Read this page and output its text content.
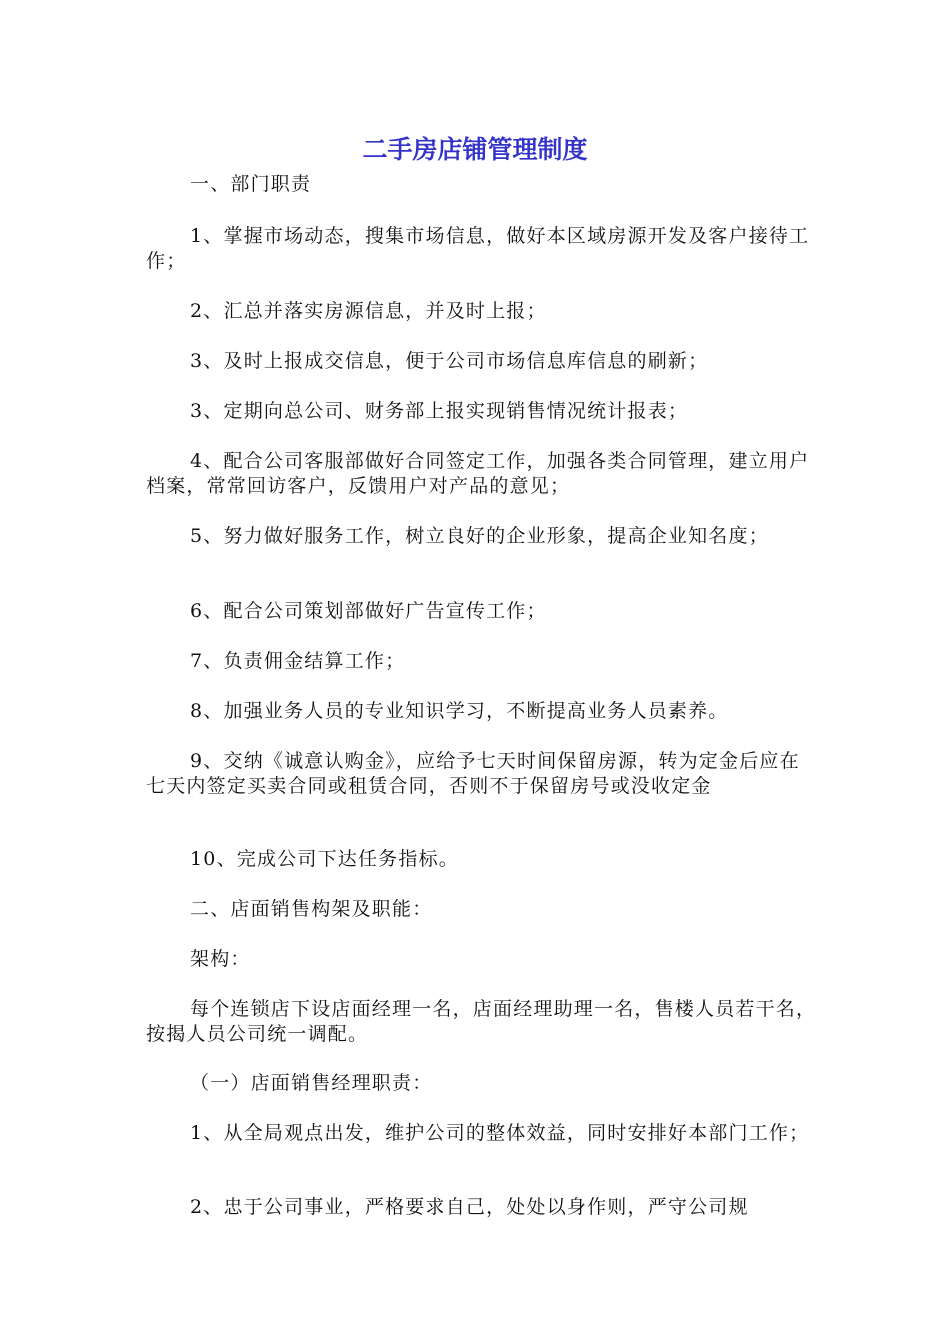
二手房店铺管理制度

一、部门职责

1、掌握市场动态，搜集市场信息，做好本区域房源开发及客户接待工作；

2、汇总并落实房源信息，并及时上报；

3、及时上报成交信息，便于公司市场信息库信息的刷新；

3、定期向总公司、财务部上报实现销售情况统计报表；

4、配合公司客服部做好合同签定工作，加强各类合同管理，建立用户档案，常常回访客户，反馈用户对产品的意见；

5、努力做好服务工作，树立良好的企业形象，提高企业知名度；

6、配合公司策划部做好广告宣传工作；

7、负责佣金结算工作；

8、加强业务人员的专业知识学习，不断提高业务人员素养。

9、交纳《诚意认购金》，应给予七天时间保留房源，转为定金后应在七天内签定买卖合同或租赁合同，否则不于保留房号或没收定金

10、完成公司下达任务指标。

二、店面销售构架及职能：

架构：

每个连锁店下设店面经理一名，店面经理助理一名，售楼人员若干名，按揭人员公司统一调配。

（一）店面销售经理职责：

1、从全局观点出发，维护公司的整体效益，同时安排好本部门工作；

2、忠于公司事业，严格要求自己，处处以身作则，严守公司规
